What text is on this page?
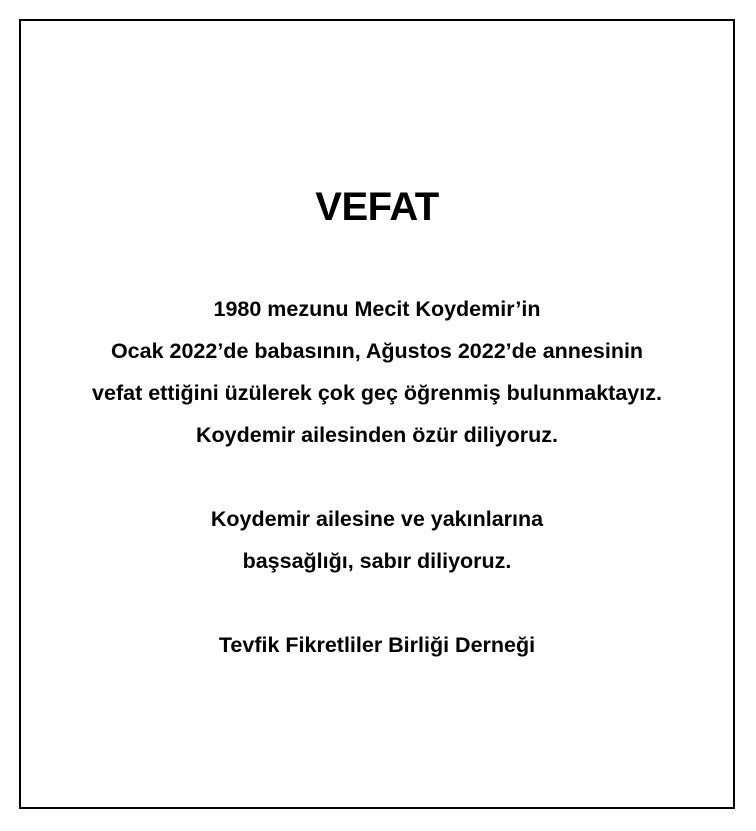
VEFAT

1980 mezunu Mecit Koydemir’in
Ocak 2022’de babasının, Ağustos 2022’de annesinin
vefat ettiğini üzülerek çok geç öğrenmiş bulunmaktayız.
Koydemir ailesinden özür diliyoruz.

Koydemir ailesine ve yakınlarına
başsağlığı, sabır diliyoruz.

Tevfik Fikretliler Birliği Derneği
